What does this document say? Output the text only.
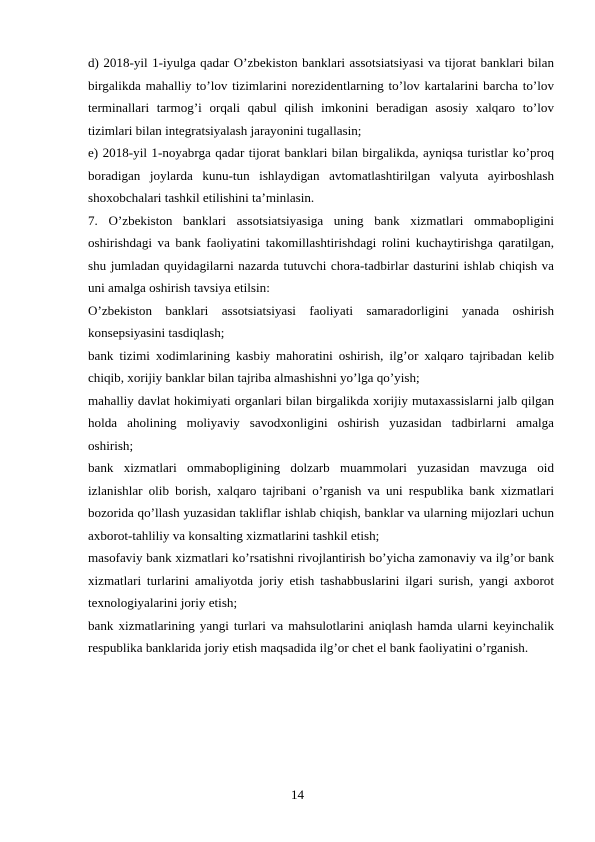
d) 2018-yil 1-iyulga qadar O’zbekiston banklari assotsiatsiyasi va tijorat banklari bilan birgalikda mahalliy to’lov tizimlarini norezidentlarning to’lov kartalarini barcha to’lov terminallari tarmog’i orqali qabul qilish imkonini beradigan asosiy xalqaro to’lov tizimlari bilan integratsiyalash jarayonini tugallasin;

e) 2018-yil 1-noyabrga qadar tijorat banklari bilan birgalikda, ayniqsa turistlar ko’proq boradigan joylarda kunu-tun ishlaydigan avtomatlashtirilgan valyuta ayirboshlash shoxobchalari tashkil etilishini ta’minlasin.

7. O’zbekiston banklari assotsiatsiyasiga uning bank xizmatlari ommabopligini oshirishdagi va bank faoliyatini takomillashtirishdagi rolini kuchaytirishga qaratilgan, shu jumladan quyidagilarni nazarda tutuvchi chora-tadbirlar dasturini ishlab chiqish va uni amalga oshirish tavsiya etilsin:

O’zbekiston banklari assotsiatsiyasi faoliyati samaradorligini yanada oshirish konsepsiyasini tasdiqlash;

bank tizimi xodimlarining kasbiy mahoratini oshirish, ilg’or xalqaro tajribadan kelib chiqib, xorijiy banklar bilan tajriba almashishni yo’lga qo’yish;

mahalliy davlat hokimiyati organlari bilan birgalikda xorijiy mutaxassislarni jalb qilgan holda aholining moliyaviy savodxonligini oshirish yuzasidan tadbirlarni amalga oshirish;

bank xizmatlari ommabopligining dolzarb muammolari yuzasidan mavzuga oid izlanishlar olib borish, xalqaro tajribani o’rganish va uni respublika bank xizmatlari bozorida qo’llash yuzasidan takliflar ishlab chiqish, banklar va ularning mijozlari uchun axborot-tahliliy va konsalting xizmatlarini tashkil etish;

masofaviy bank xizmatlari ko’rsatishni rivojlantirish bo’yicha zamonaviy va ilg’or bank xizmatlari turlarini amaliyotda joriy etish tashabbuslarini ilgari surish, yangi axborot texnologiyalarini joriy etish;

bank xizmatlarining yangi turlari va mahsulotlarini aniqlash hamda ularni keyinchalik respublika banklarida joriy etish maqsadida ilg’or chet el bank faoliyatini o’rganish.

14
